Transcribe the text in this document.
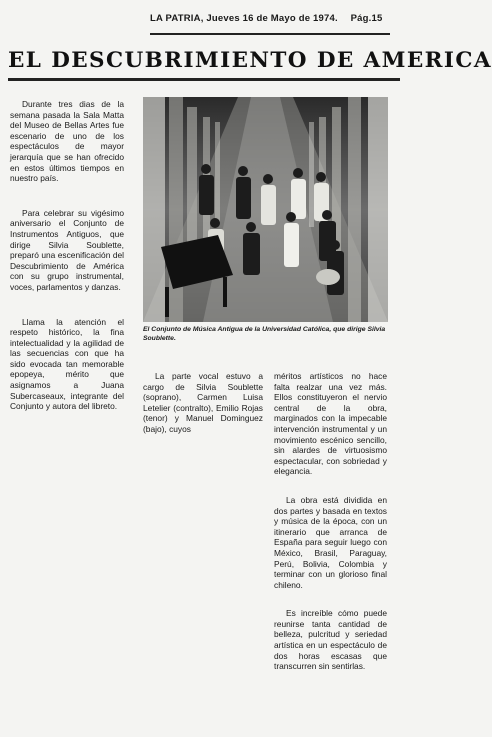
LA PATRIA, Jueves 16 de Mayo de 1974. Pág.15
EL DESCUBRIMIENTO DE AMERICA

Durante tres dias de la semana pasada la Sala Matta del Museo de Bellas Artes fue escenario de uno de los espectáculos de mayor jerarquía que se han ofrecido en estos últimos tiempos en nuestro país.

Para celebrar su vigésimo aniversario el Conjunto de Instrumentos Antiguos, que dirige Silvia Soublette, preparó una escenificación del Descubrimiento de América con su grupo instrumental, voces, parlamentos y danzas.

Llama la atención el respeto histórico, la fina intelectualidad y la agilidad de las secuencias con que ha sido evocada tan memorable epopeya, mérito que asignamos a Juana Subercaseaux, integrante del Conjunto y autora del libreto.

El Conjunto de Música Antigua de la Universidad Católica, que dirige Silvia Soublette.

La parte vocal estuvo a cargo de Silvia Soublette (soprano), Carmen Luisa Letelier (contralto), Emilio Rojas (tenor) y Manuel Dominguez (bajo), cuyos

méritos artísticos no hace falta realzar una vez más. Ellos constituyeron el nervio central de la obra, marginados con la impecable intervención instrumental y un movimiento escénico sencillo, sin alardes de virtuosismo espectacular, con sobriedad y elegancia.

La obra está dividida en dos partes y basada en textos y música de la época, con un itinerario que arranca de España para seguir luego con México, Brasil, Paraguay, Perú, Bolivia, Colombia y terminar con un glorioso final chileno.

Es increíble cómo puede reunirse tanta cantidad de belleza, pulcritud y seriedad artística en un espectáculo de dos horas escasas que transcurren sin sentirlas.
